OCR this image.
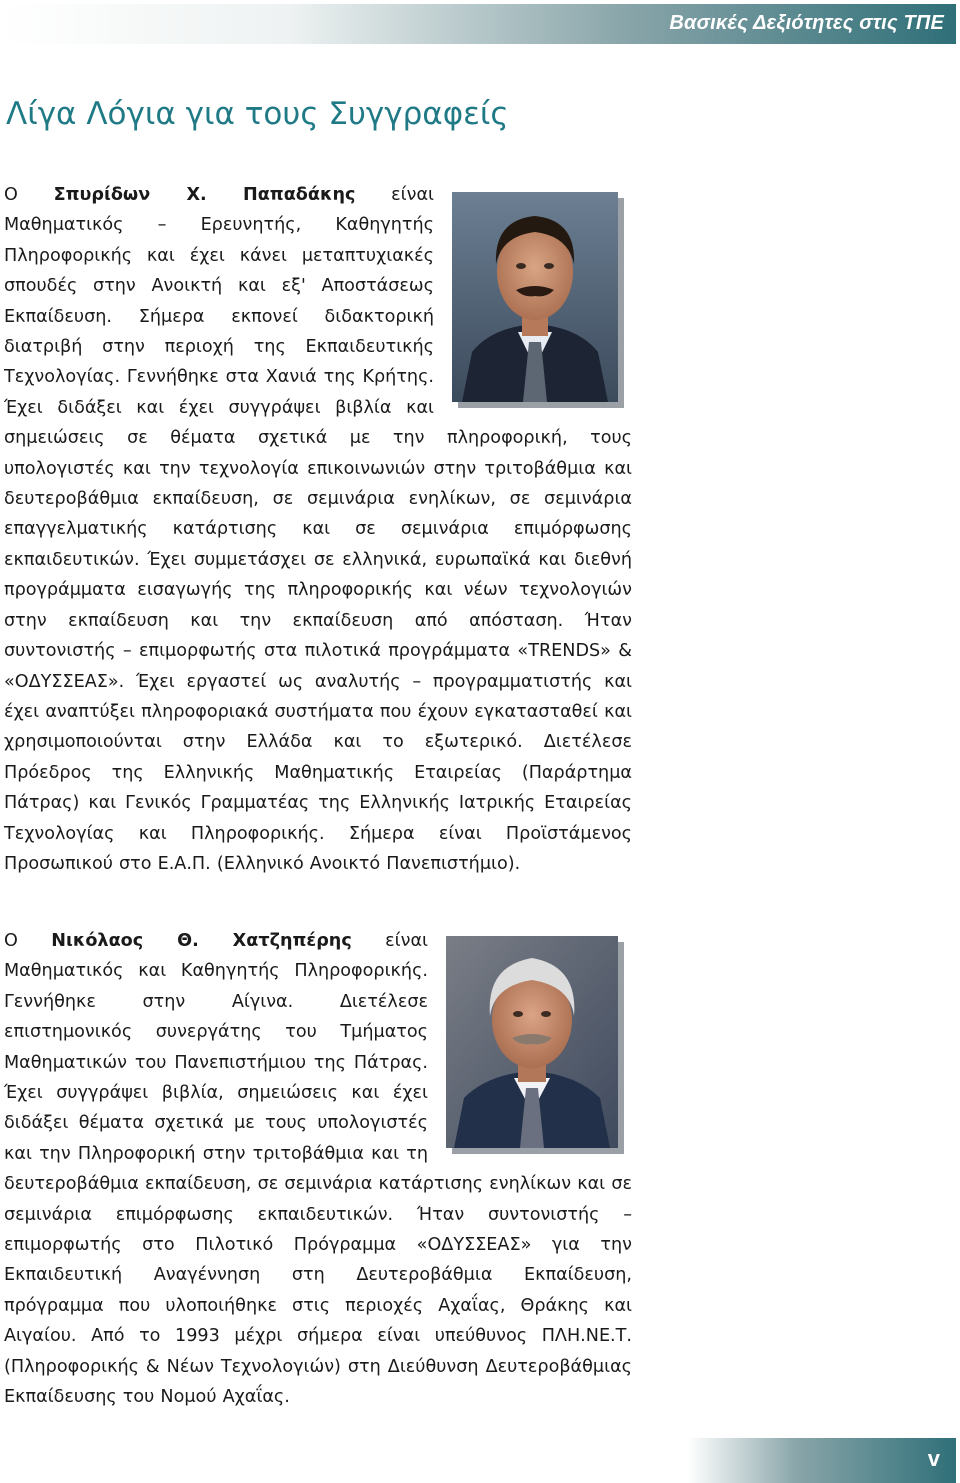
Βασικές Δεξιότητες στις ΤΠΕ
Λίγα Λόγια για τους Συγγραφείς

Ο Σπυρίδων Χ. Παπαδάκης είναι Μαθηματικός – Ερευνητής, Καθηγητής Πληροφορικής και έχει κάνει μεταπτυχιακές σπουδές στην Ανοικτή και εξ' Αποστάσεως Εκπαίδευση. Σήμερα εκπονεί διδακτορική διατριβή στην περιοχή της Εκπαιδευτικής Τεχνολογίας. Γεννήθηκε στα Χανιά της Κρήτης. Έχει διδάξει και έχει συγγράψει βιβλία και σημειώσεις σε θέματα σχετικά με την πληροφορική, τους υπολογιστές και την τεχνολογία επικοινωνιών στην τριτοβάθμια και δευτεροβάθμια εκπαίδευση, σε σεμινάρια ενηλίκων, σε σεμινάρια επαγγελματικής κατάρτισης και σε σεμινάρια επιμόρφωσης εκπαιδευτικών. Έχει συμμετάσχει σε ελληνικά, ευρωπαϊκά και διεθνή προγράμματα εισαγωγής της πληροφορικής και νέων τεχνολογιών στην εκπαίδευση και την εκπαίδευση από απόσταση. Ήταν συντονιστής – επιμορφωτής στα πιλοτικά προγράμματα «TRENDS» & «ΟΔΥΣΣΕΑΣ». Έχει εργαστεί ως αναλυτής – προγραμματιστής και έχει αναπτύξει πληροφοριακά συστήματα που έχουν εγκατασταθεί και χρησιμοποιούνται στην Ελλάδα και το εξωτερικό. Διετέλεσε Πρόεδρος της Ελληνικής Μαθηματικής Εταιρείας (Παράρτημα Πάτρας) και Γενικός Γραμματέας της Ελληνικής Ιατρικής Εταιρείας Τεχνολογίας και Πληροφορικής. Σήμερα είναι Προϊστάμενος Προσωπικού στο Ε.Α.Π. (Ελληνικό Ανοικτό Πανεπιστήμιο).

Ο Νικόλαος Θ. Χατζηπέρης είναι Μαθηματικός και Καθηγητής Πληροφορικής. Γεννήθηκε στην Αίγινα. Διετέλεσε επιστημονικός συνεργάτης του Τμήματος Μαθηματικών του Πανεπιστήμιου της Πάτρας. Έχει συγγράψει βιβλία, σημειώσεις και έχει διδάξει θέματα σχετικά με τους υπολογιστές και την Πληροφορική στην τριτοβάθμια και τη δευτεροβάθμια εκπαίδευση, σε σεμινάρια κατάρτισης ενηλίκων και σε σεμινάρια επιμόρφωσης εκπαιδευτικών. Ήταν συντονιστής – επιμορφωτής στο Πιλοτικό Πρόγραμμα «ΟΔΥΣΣΕΑΣ» για την Εκπαιδευτική Αναγέννηση στη Δευτεροβάθμια Εκπαίδευση, πρόγραμμα που υλοποιήθηκε στις περιοχές Αχαΐας, Θράκης και Αιγαίου. Από το 1993 μέχρι σήμερα είναι υπεύθυνος ΠΛΗ.ΝΕ.Τ. (Πληροφορικής & Νέων Τεχνολογιών) στη Διεύθυνση Δευτεροβάθμιας Εκπαίδευσης του Νομού Αχαΐας.

v
